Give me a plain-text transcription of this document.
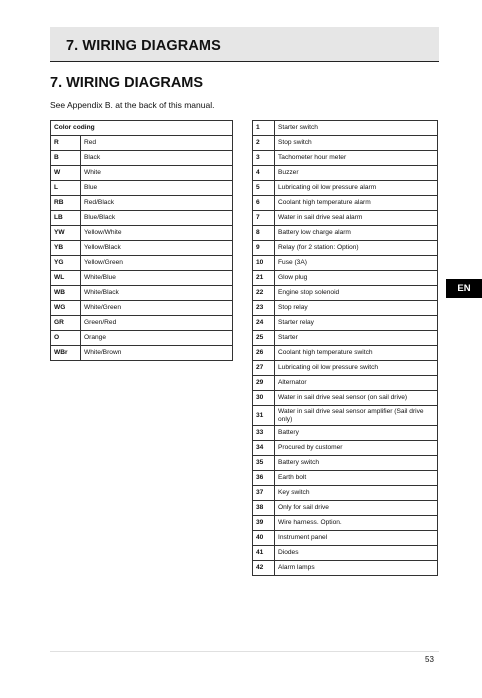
7. WIRING DIAGRAMS
7. WIRING DIAGRAMS
See Appendix B. at the back of this manual.
Color coding	
R	Red
B	Black
W	White
L	Blue
RB	Red/Black
LB	Blue/Black
YW	Yellow/White
YB	Yellow/Black
YG	Yellow/Green
WL	White/Blue
WB	White/Black
WG	White/Green
GR	Green/Red
O	Orange
WBr	White/Brown
1	Starter switch
2	Stop switch
3	Tachometer hour meter
4	Buzzer
5	Lubricating oil low pressure alarm
6	Coolant high temperature alarm
7	Water in sail drive seal alarm
8	Battery low charge alarm
9	Relay (for 2 station: Option)
10	Fuse (3A)
21	Glow plug
22	Engine stop solenoid
23	Stop relay
24	Starter relay
25	Starter
26	Coolant high temperature switch
27	Lubricating oil low pressure switch
29	Alternator
30	Water in sail drive seal sensor (on sail drive)
31	Water in sail drive seal sensor amplifier (Sail drive only)
33	Battery
34	Procured by customer
35	Battery switch
36	Earth bolt
37	Key switch
38	Only for sail drive
39	Wire harness. Option.
40	Instrument panel
41	Diodes
42	Alarm lamps
EN
53
